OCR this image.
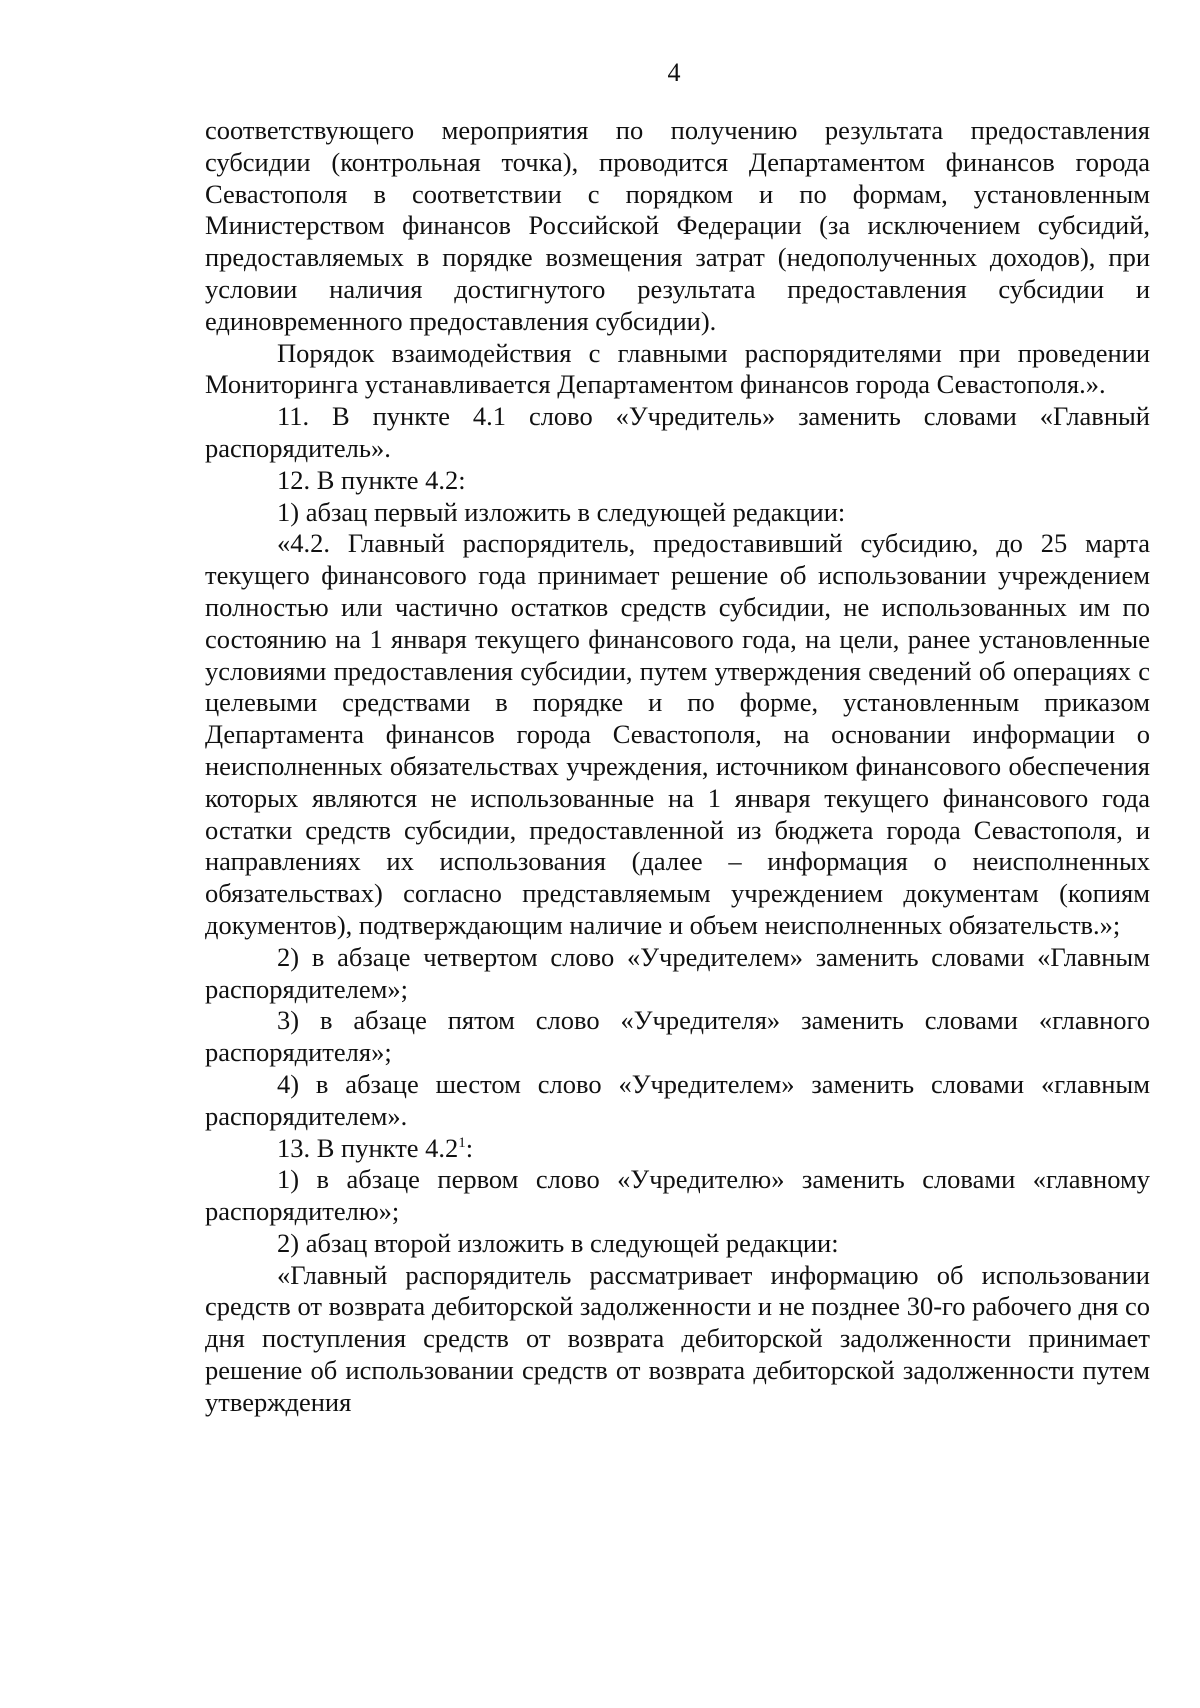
4

соответствующего мероприятия по получению результата предоставления субсидии (контрольная точка), проводится Департаментом финансов города Севастополя в соответствии с порядком и по формам, установленным Министерством финансов Российской Федерации (за исключением субсидий, предоставляемых в порядке возмещения затрат (недополученных доходов), при условии наличия достигнутого результата предоставления субсидии и единовременного предоставления субсидии).

Порядок взаимодействия с главными распорядителями при проведении Мониторинга устанавливается Департаментом финансов города Севастополя.».

11. В пункте 4.1 слово «Учредитель» заменить словами «Главный распорядитель».

12. В пункте 4.2:

1) абзац первый изложить в следующей редакции:

«4.2. Главный распорядитель, предоставивший субсидию, до 25 марта текущего финансового года принимает решение об использовании учреждением полностью или частично остатков средств субсидии, не использованных им по состоянию на 1 января текущего финансового года, на цели, ранее установленные условиями предоставления субсидии, путем утверждения сведений об операциях с целевыми средствами в порядке и по форме, установленным приказом Департамента финансов города Севастополя, на основании информации о неисполненных обязательствах учреждения, источником финансового обеспечения которых являются не использованные на 1 января текущего финансового года остатки средств субсидии, предоставленной из бюджета города Севастополя, и направлениях их использования (далее – информация о неисполненных обязательствах) согласно представляемым учреждением документам (копиям документов), подтверждающим наличие и объем неисполненных обязательств.»;

2) в абзаце четвертом слово «Учредителем» заменить словами «Главным распорядителем»;

3) в абзаце пятом слово «Учредителя» заменить словами «главного распорядителя»;

4) в абзаце шестом слово «Учредителем» заменить словами «главным распорядителем».

13. В пункте $4.2^1$:

1) в абзаце первом слово «Учредителю» заменить словами «главному распорядителю»;

2) абзац второй изложить в следующей редакции:

«Главный распорядитель рассматривает информацию об использовании средств от возврата дебиторской задолженности и не позднее 30-го рабочего дня со дня поступления средств от возврата дебиторской задолженности принимает решение об использовании средств от возврата дебиторской задолженности путем утверждения
